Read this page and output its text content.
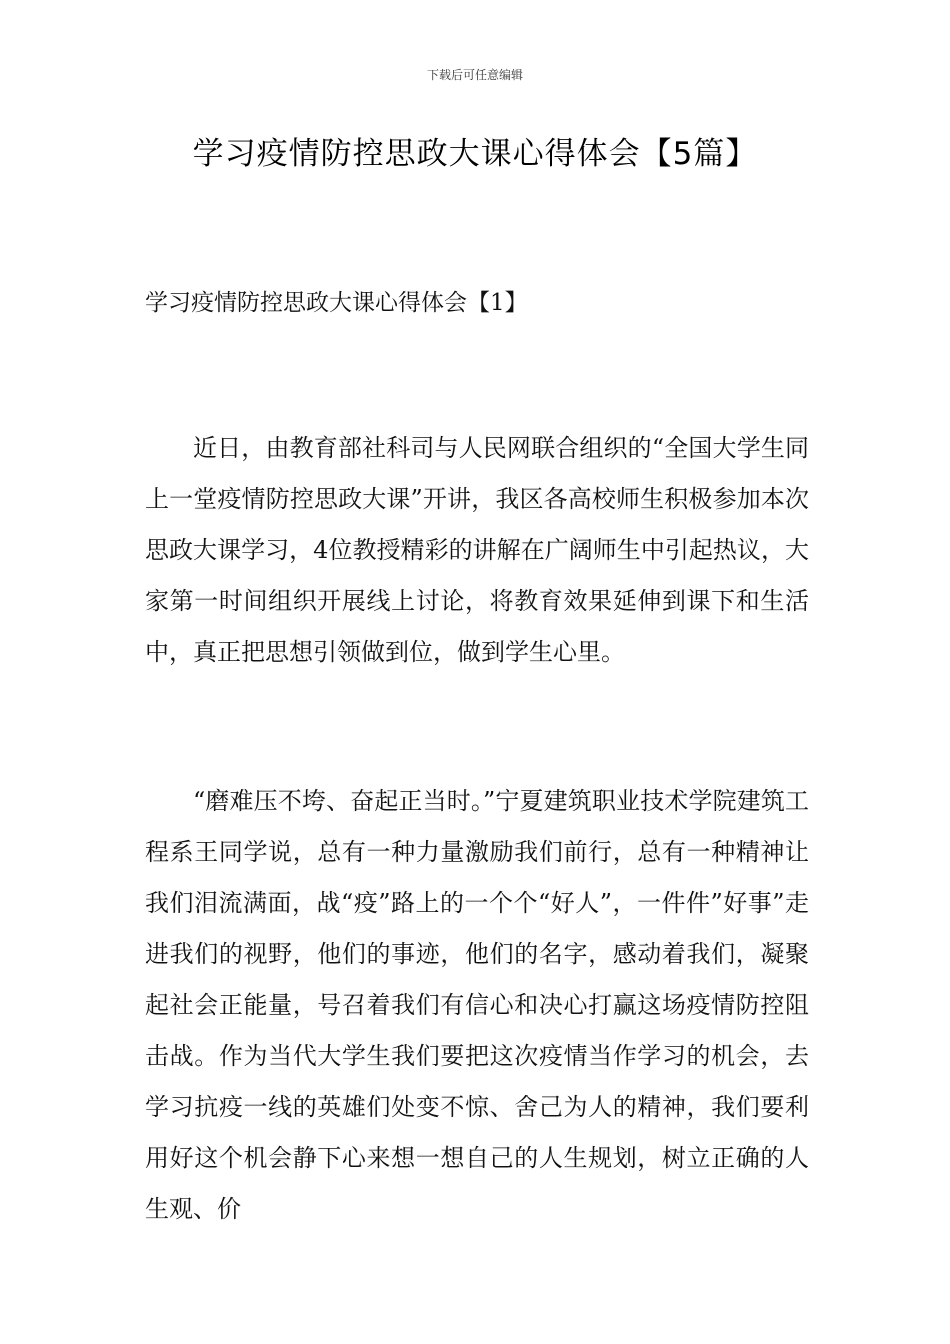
下载后可任意编辑
学习疫情防控思政大课心得体会【5篇】
学习疫情防控思政大课心得体会【1】

近日，由教育部社科司与人民网联合组织的“全国大学生同上一堂疫情防控思政大课”开讲，我区各高校师生积极参加本次思政大课学习，4位教授精彩的讲解在广阔师生中引起热议，大家第一时间组织开展线上讨论，将教育效果延伸到课下和生活中，真正把思想引领做到位，做到学生心里。

“磨难压不垮、奋起正当时。”宁夏建筑职业技术学院建筑工程系王同学说，总有一种力量激励我们前行，总有一种精神让我们泪流满面，战“疫”路上的一个个“好人”，一件件”好事”走进我们的视野，他们的事迹，他们的名字，感动着我们，凝聚起社会正能量，号召着我们有信心和决心打赢这场疫情防控阻击战。作为当代大学生我们要把这次疫情当作学习的机会，去学习抗疫一线的英雄们处变不惊、舍己为人的精神，我们要利用好这个机会静下心来想一想自己的人生规划，树立正确的人生观、价
